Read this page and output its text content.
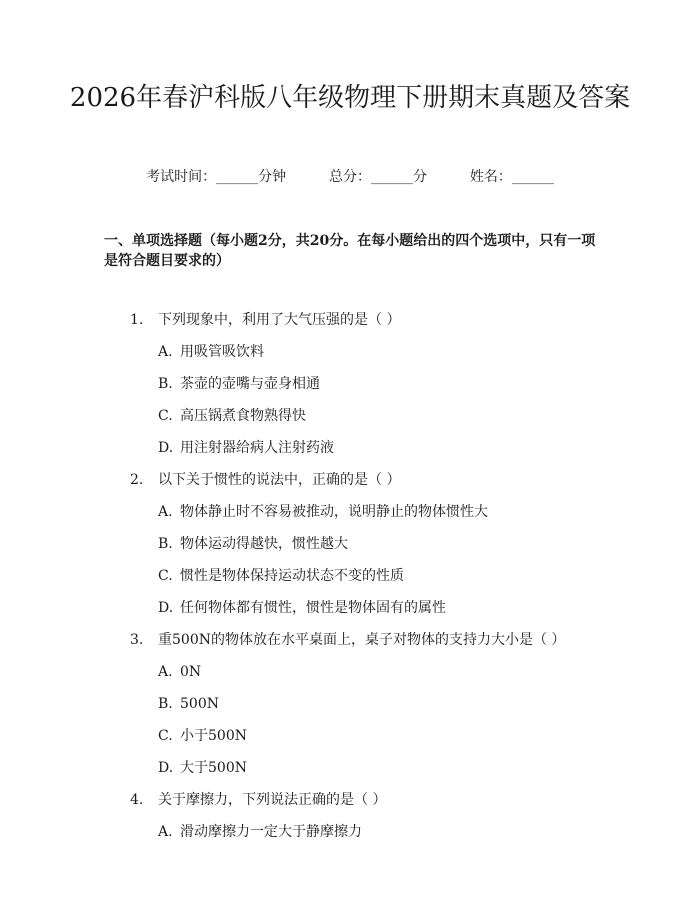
2026年春沪科版八年级物理下册期末真题及答案
考试时间：______分钟	总分：______分	姓名：______
一、单项选择题（每小题2分，共20分。在每小题给出的四个选项中，只有一项是符合题目要求的）
1. 下列现象中，利用了大气压强的是（ ）
A. 用吸管吸饮料
B. 茶壶的壶嘴与壶身相通
C. 高压锅煮食物熟得快
D. 用注射器给病人注射药液
2. 以下关于惯性的说法中，正确的是（ ）
A. 物体静止时不容易被推动，说明静止的物体惯性大
B. 物体运动得越快，惯性越大
C. 惯性是物体保持运动状态不变的性质
D. 任何物体都有惯性，惯性是物体固有的属性
3. 重500N的物体放在水平桌面上，桌子对物体的支持力大小是（ ）
A. 0N
B. 500N
C. 小于500N
D. 大于500N
4. 关于摩擦力，下列说法正确的是（ ）
A. 滑动摩擦力一定大于静摩擦力
